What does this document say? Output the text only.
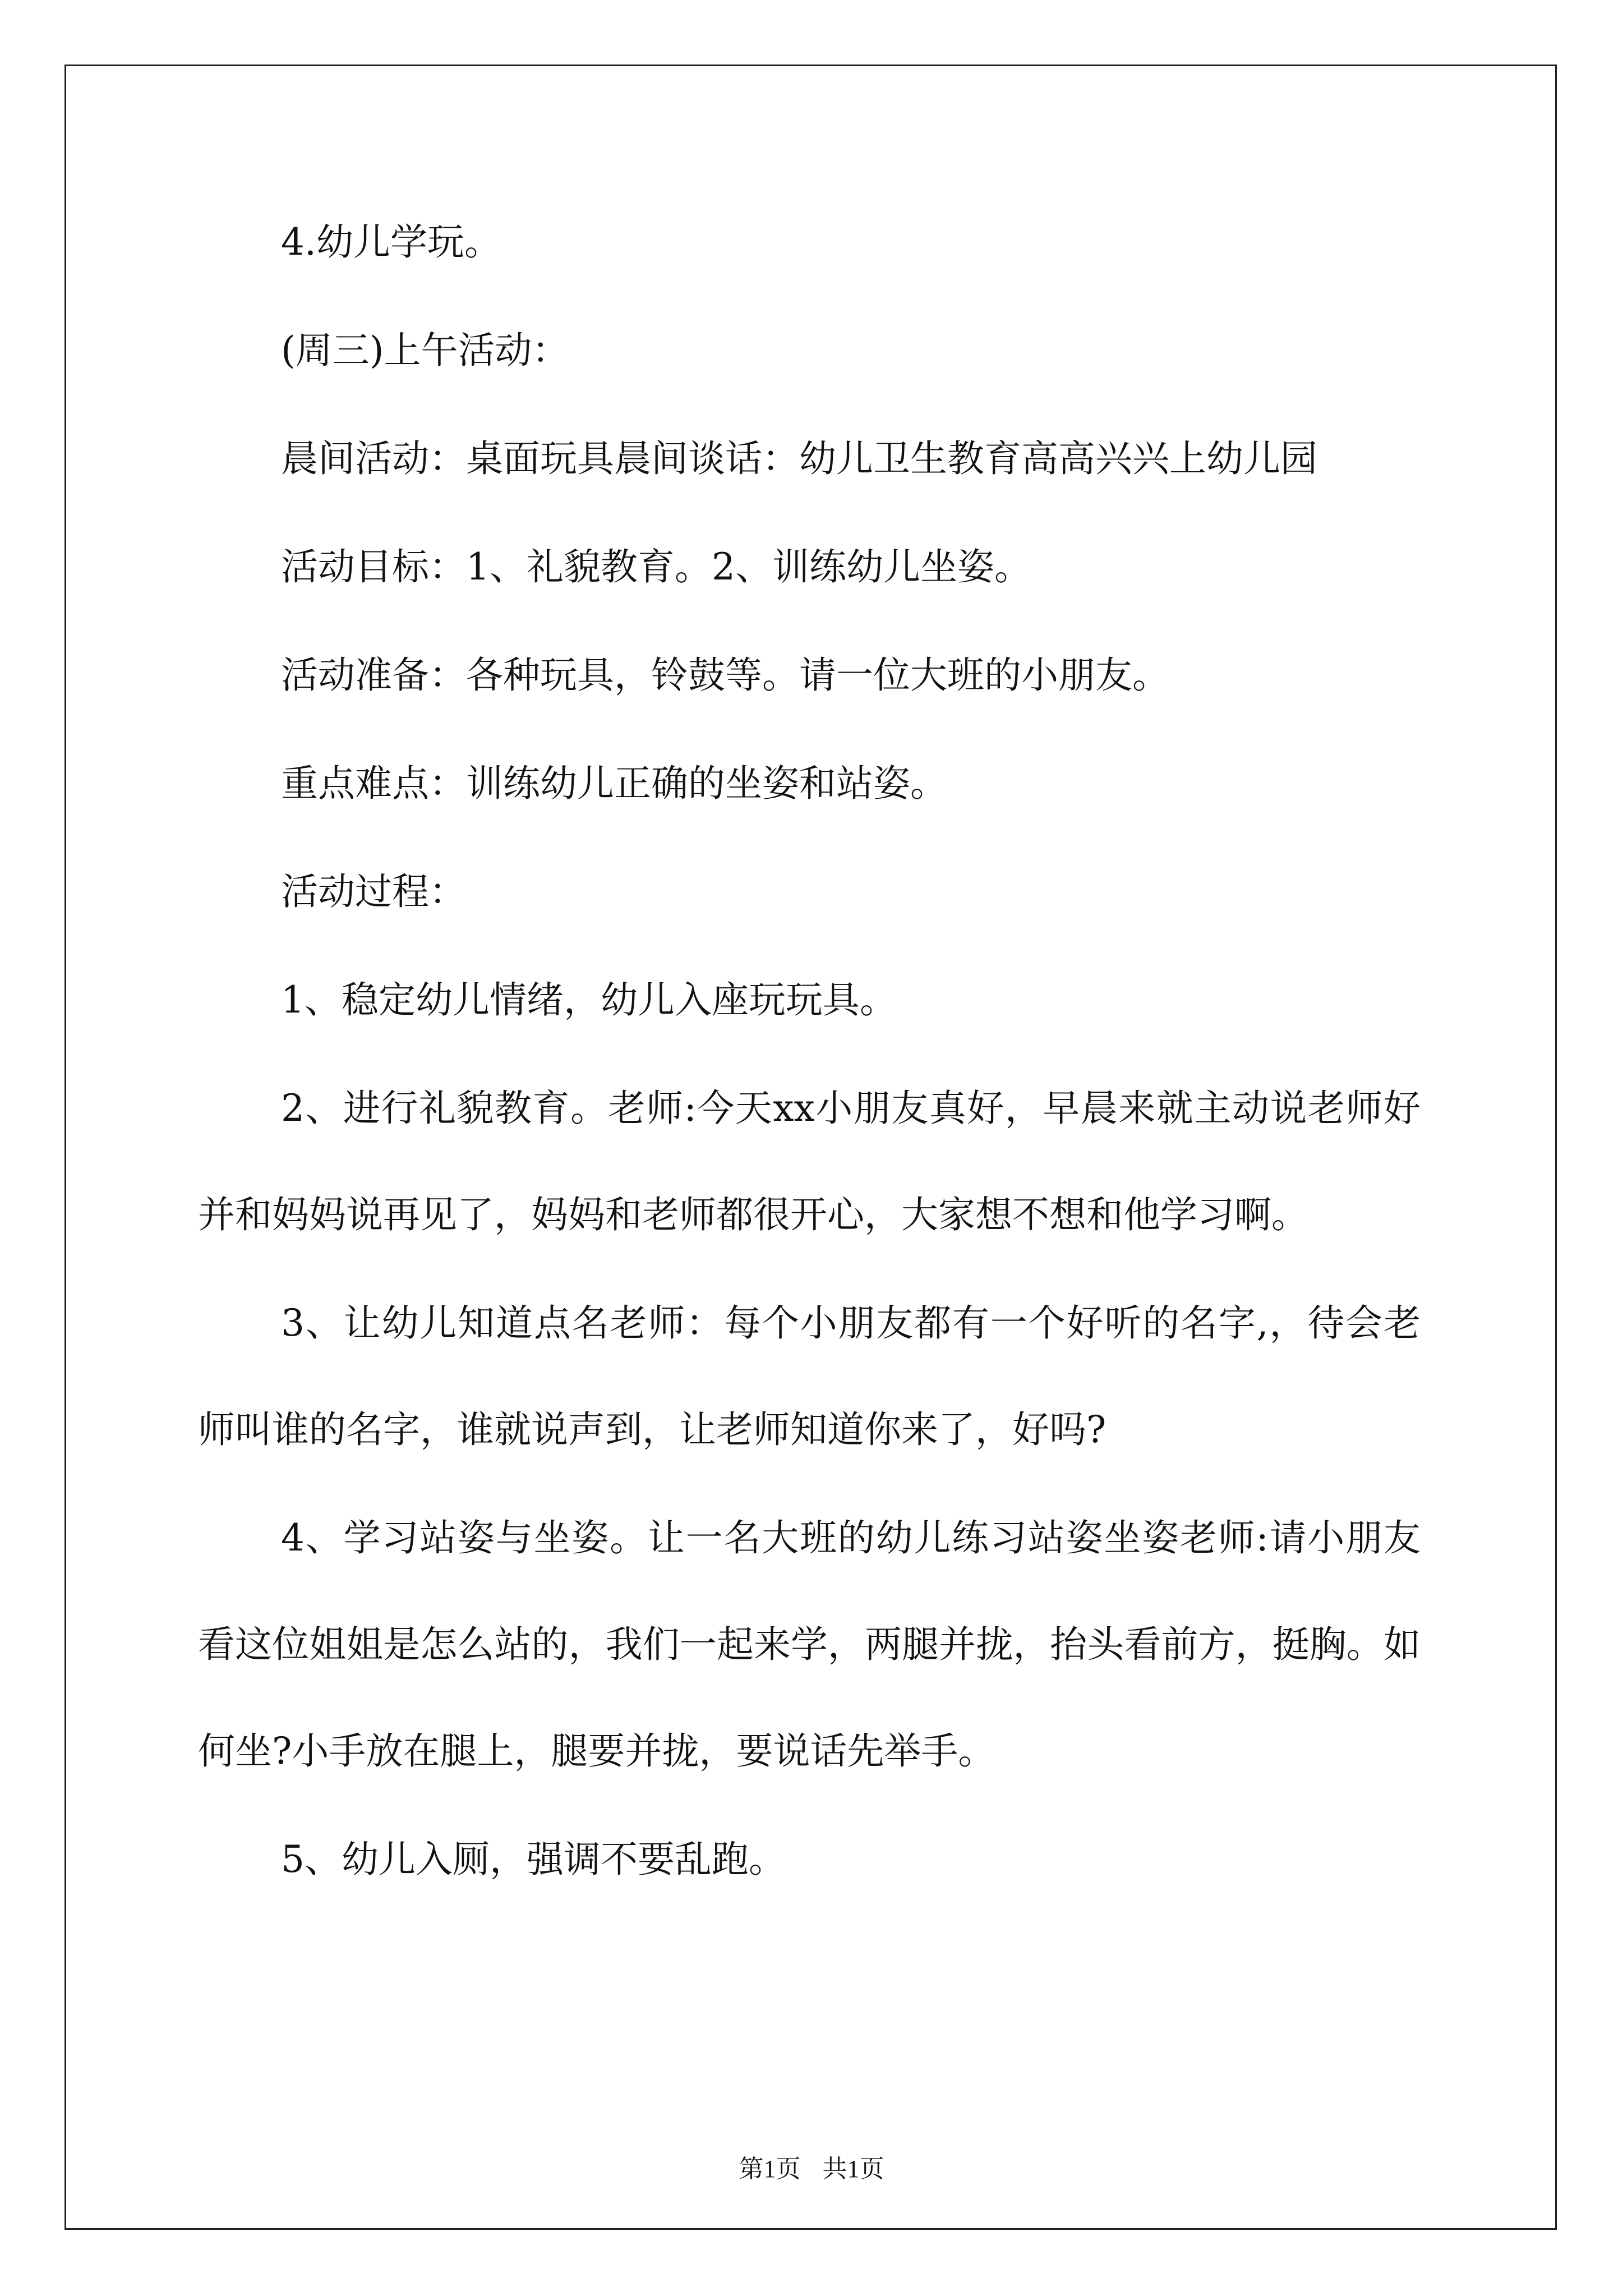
4.幼儿学玩。

(周三)上午活动：

晨间活动：桌面玩具晨间谈话：幼儿卫生教育高高兴兴上幼儿园

活动目标：1、礼貌教育。2、训练幼儿坐姿。

活动准备：各种玩具，铃鼓等。请一位大班的小朋友。

重点难点：训练幼儿正确的坐姿和站姿。

活动过程：

1、稳定幼儿情绪，幼儿入座玩玩具。

2、进行礼貌教育。老师:今天xx小朋友真好，早晨来就主动说老师好并和妈妈说再见了，妈妈和老师都很开心，大家想不想和他学习啊。

3、让幼儿知道点名老师：每个小朋友都有一个好听的名字,，待会老师叫谁的名字，谁就说声到，让老师知道你来了，好吗?

4、学习站姿与坐姿。让一名大班的幼儿练习站姿坐姿老师:请小朋友看这位姐姐是怎么站的，我们一起来学，两腿并拢，抬头看前方，挺胸。如何坐?小手放在腿上，腿要并拢，要说话先举手。

5、幼儿入厕，强调不要乱跑。

第1页 共1页
